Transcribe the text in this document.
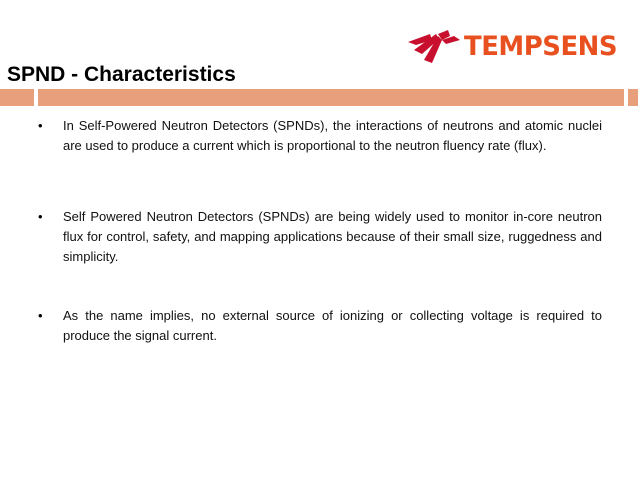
TEMPSENS
SPND - Characteristics
• In Self-Powered Neutron Detectors (SPNDs), the interactions of neutrons and atomic nuclei are used to produce a current which is proportional to the neutron fluency rate (flux).
• Self Powered Neutron Detectors (SPNDs) are being widely used to monitor in-core neutron flux for control, safety, and mapping applications because of their small size, ruggedness and simplicity.
• As the name implies, no external source of ionizing or collecting voltage is required to produce the signal current.
